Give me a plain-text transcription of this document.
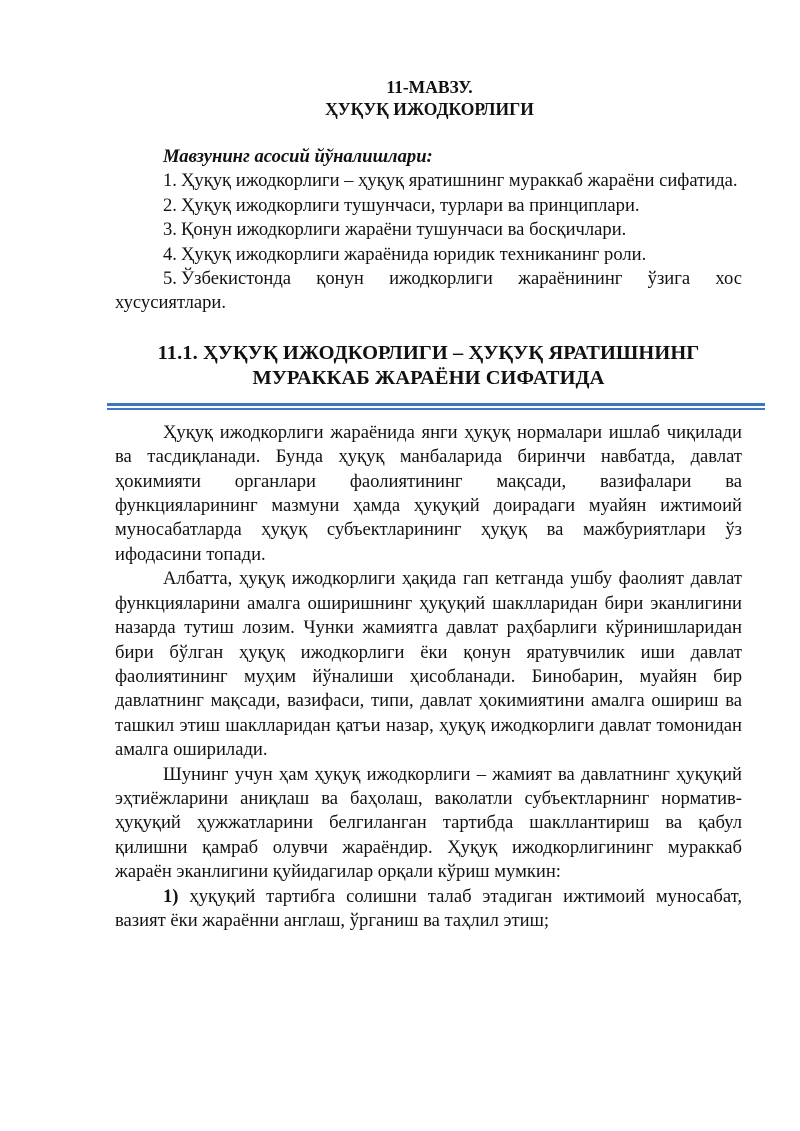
11-МАВЗУ.
ҲУҚУҚ ИЖОДКОРЛИГИ

Мавзунинг асосий йўналишлари:

1. Ҳуқуқ ижодкорлиги – ҳуқуқ яратишнинг мураккаб жараёни сифатида.

2. Ҳуқуқ ижодкорлиги тушунчаси, турлари ва принциплари.

3. Қонун ижодкорлиги жараёни тушунчаси ва босқичлари.

4. Ҳуқуқ ижодкорлиги жараёнида юридик техниканинг роли.

5. Ўзбекистонда қонун ижодкорлиги жараёнининг ўзига хос хусусиятлари.

11.1. ҲУҚУҚ ИЖОДКОРЛИГИ – ҲУҚУҚ ЯРАТИШНИНГ
МУРАККАБ ЖАРАЁНИ СИФАТИДА

Ҳуқуқ ижодкорлиги жараёнида янги ҳуқуқ нормалари ишлаб чиқилади ва тасдиқланади. Бунда ҳуқуқ манбаларида биринчи навбатда, давлат ҳокимияти органлари фаолиятининг мақсади, вазифалари ва функцияларининг мазмуни ҳамда ҳуқуқий доирадаги муайян ижтимоий муносабатларда ҳуқуқ субъектларининг ҳуқуқ ва мажбуриятлари ўз ифодасини топади.

Албатта, ҳуқуқ ижодкорлиги ҳақида гап кетганда ушбу фаолият давлат функцияларини амалга оширишнинг ҳуқуқий шаклларидан бири эканлигини назарда тутиш лозим. Чунки жамиятга давлат раҳбарлиги кўринишларидан бири бўлган ҳуқуқ ижодкорлиги ёки қонун яратувчилик иши давлат фаолиятининг муҳим йўналиши ҳисобланади. Бинобарин, муайян бир давлатнинг мақсади, вазифаси, типи, давлат ҳокимиятини амалга ошириш ва ташкил этиш шаклларидан қатъи назар, ҳуқуқ ижодкорлиги давлат томонидан амалга оширилади.

Шунинг учун ҳам ҳуқуқ ижодкорлиги – жамият ва давлатнинг ҳуқуқий эҳтиёжларини аниқлаш ва баҳолаш, ваколатли субъектларнинг норматив-ҳуқуқий ҳужжатларини белгиланган тартибда шакллантириш ва қабул қилишни қамраб олувчи жараёндир. Ҳуқуқ ижодкорлигининг мураккаб жараён эканлигини қуйидагилар орқали кўриш мумкин:

1) ҳуқуқий тартибга солишни талаб этадиган ижтимоий муносабат, вазият ёки жараённи англаш, ўрганиш ва таҳлил этиш;
